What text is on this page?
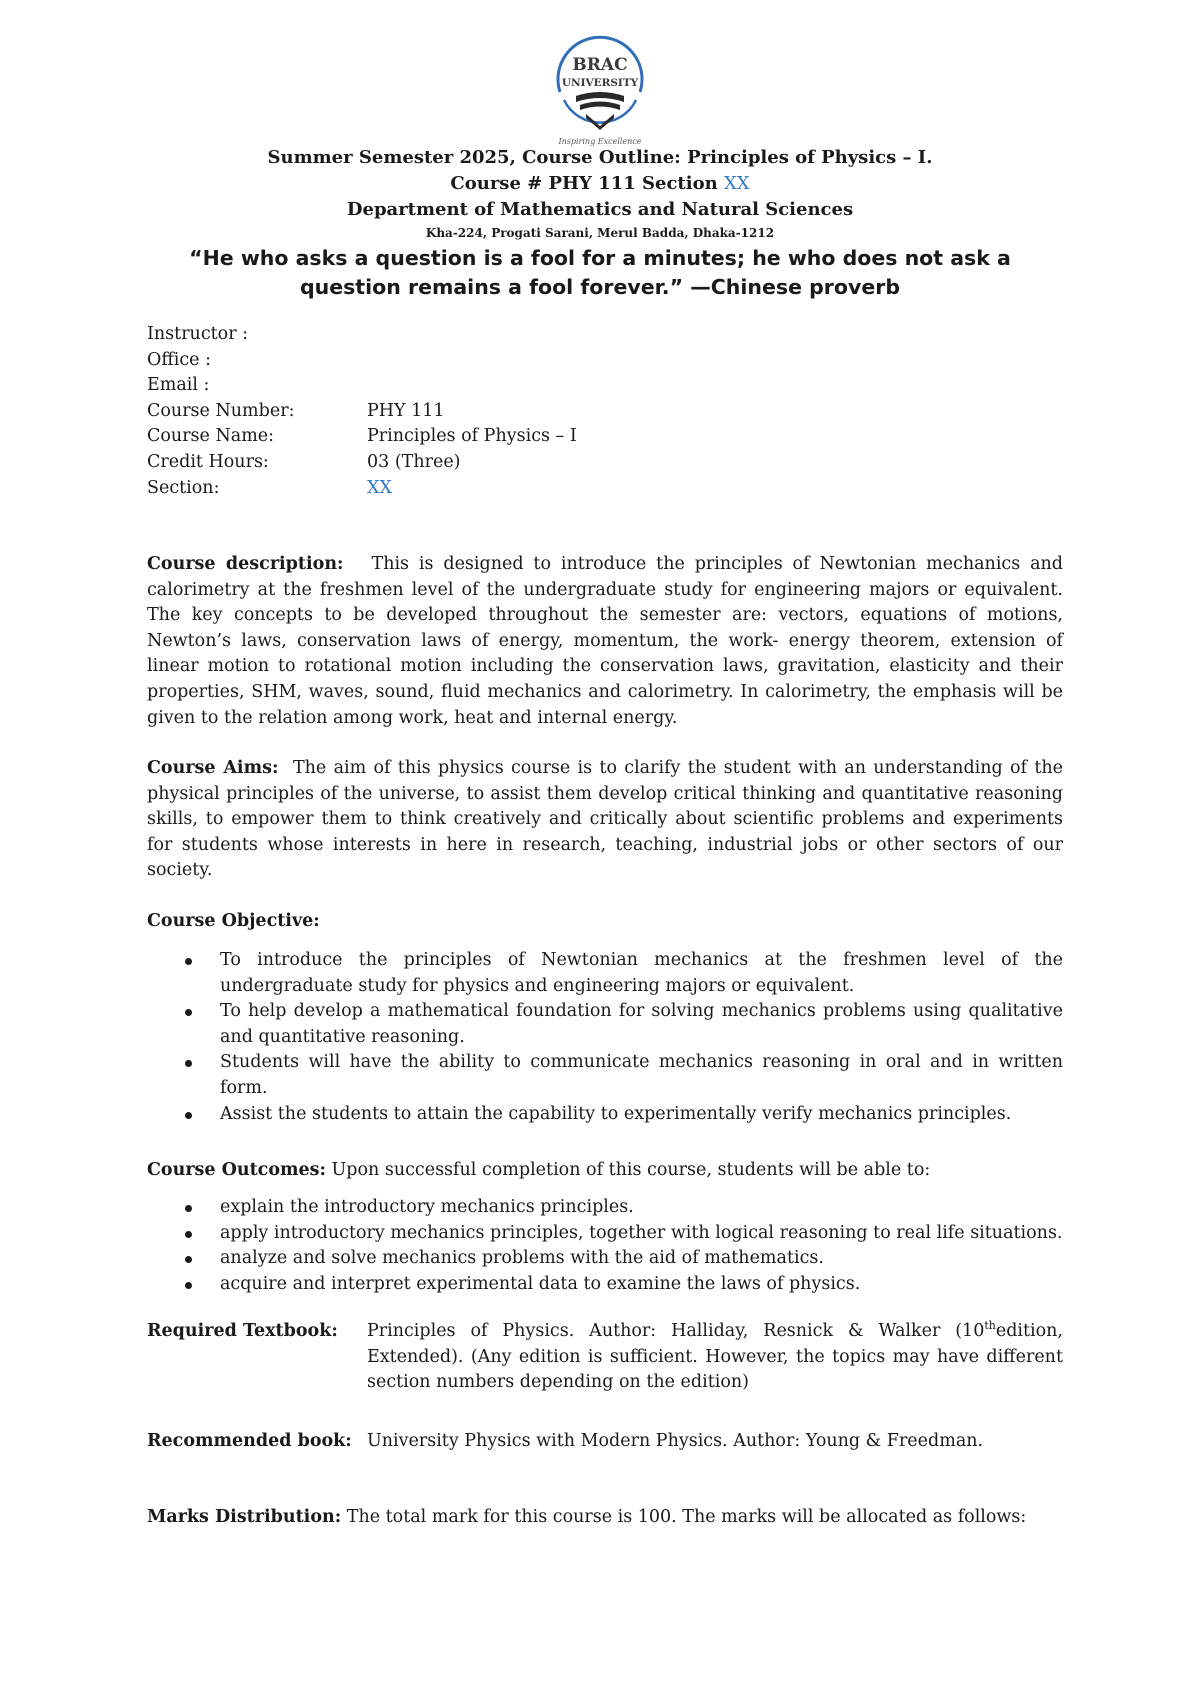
BRAC
UNIVERSITY
Inspiring Excellence
Summer Semester 2025, Course Outline: Principles of Physics – I.
Course # PHY 111 Section XX
Department of Mathematics and Natural Sciences
Kha-224, Progati Sarani, Merul Badda, Dhaka-1212
“He who asks a question is a fool for a minutes; he who does not ask a question remains a fool forever.” —Chinese proverb
Instructor :
Office :
Email :
Course Number:	PHY 111
Course Name:	Principles of Physics – I
Credit Hours:	03 (Three)
Section:	XX
Course description: This is designed to introduce the principles of Newtonian mechanics and calorimetry at the freshmen level of the undergraduate study for engineering majors or equivalent. The key concepts to be developed throughout the semester are: vectors, equations of motions, Newton’s laws, conservation laws of energy, momentum, the work- energy theorem, extension of linear motion to rotational motion including the conservation laws, gravitation, elasticity and their properties, SHM, waves, sound, fluid mechanics and calorimetry. In calorimetry, the emphasis will be given to the relation among work, heat and internal energy.
Course Aims: The aim of this physics course is to clarify the student with an understanding of the physical principles of the universe, to assist them develop critical thinking and quantitative reasoning skills, to empower them to think creatively and critically about scientific problems and experiments for students whose interests in here in research, teaching, industrial jobs or other sectors of our society.
Course Objective:
To introduce the principles of Newtonian mechanics at the freshmen level of the undergraduate study for physics and engineering majors or equivalent.
To help develop a mathematical foundation for solving mechanics problems using qualitative and quantitative reasoning.
Students will have the ability to communicate mechanics reasoning in oral and in written form.
Assist the students to attain the capability to experimentally verify mechanics principles.
Course Outcomes: Upon successful completion of this course, students will be able to:
explain the introductory mechanics principles.
apply introductory mechanics principles, together with logical reasoning to real life situations.
analyze and solve mechanics problems with the aid of mathematics.
acquire and interpret experimental data to examine the laws of physics.
Required Textbook:	Principles of Physics. Author: Halliday, Resnick & Walker (10thedition, Extended). (Any edition is sufficient. However, the topics may have different section numbers depending on the edition)
Recommended book: University Physics with Modern Physics. Author: Young & Freedman.
Marks Distribution: The total mark for this course is 100. The marks will be allocated as follows:
